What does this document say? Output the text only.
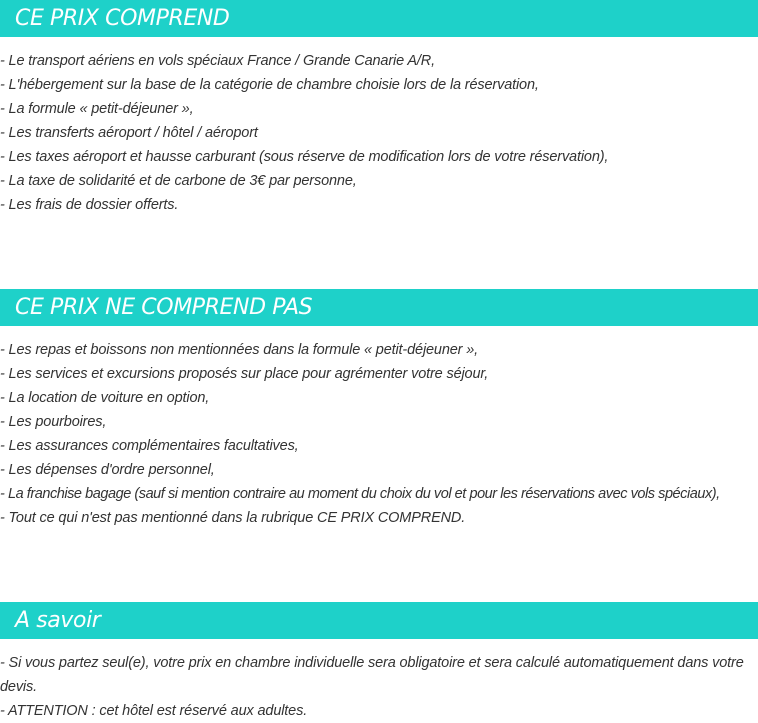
CE PRIX COMPREND

- Le transport aériens en vols spéciaux France / Grande Canarie A/R,

- L'hébergement sur la base de la catégorie de chambre choisie lors de la réservation,

- La formule « petit-déjeuner »,

- Les transferts aéroport / hôtel / aéroport

- Les taxes aéroport et hausse carburant (sous réserve de modification lors de votre réservation),

- La taxe de solidarité et de carbone de 3€ par personne,

- Les frais de dossier offerts.

CE PRIX NE COMPREND PAS

- Les repas et boissons non mentionnées dans la formule « petit-déjeuner »,

- Les services et excursions proposés sur place pour agrémenter votre séjour,

- La location de voiture en option,

- Les pourboires,

- Les assurances complémentaires facultatives,

- Les dépenses d'ordre personnel,

- La franchise bagage (sauf si mention contraire au moment du choix du vol et pour les réservations avec vols spéciaux),

- Tout ce qui n'est pas mentionné dans la rubrique CE PRIX COMPREND.

A savoir

- Si vous partez seul(e), votre prix en chambre individuelle sera obligatoire et sera calculé automatiquement dans votre devis.

- ATTENTION : cet hôtel est réservé aux adultes.
